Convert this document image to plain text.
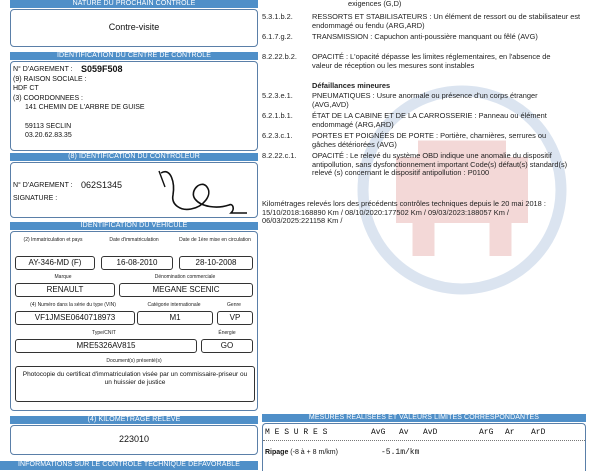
NATURE DU PROCHAIN CONTROLE
Contre-visite
IDENTIFICATION DU CENTRE DE CONTROLE
N° D'AGREMENT : S059F508
(9) RAISON SOCIALE :
HDF CT
(3) COORDONNEES :
141 CHEMIN DE L'ARBRE DE GUISE
59113 SECLIN
03.20.62.83.35
(8) IDENTIFICATION DU CONTROLEUR
N° D'AGREMENT : 062S1345
SIGNATURE :
IDENTIFICATION DU VÉHICULE
(2) Immatriculation et pays	Date d'immatriculation	Date de 1ère mise en circulation
AY-346-MD (F)	16-08-2010	28-10-2008
Marque	Dénomination commerciale
RENAULT	MEGANE SCENIC
(4) Numéro dans la série du type (VIN)	Catégorie internationale	Genre
VF1JMSE0640718973	M1	VP
Type/CNIT	Énergie
MRE5326AV815	GO
Document(s) présenté(s)
Photocopie du certificat d'immatriculation visée par un commissaire-priseur ou un huissier de justice
(4) KILOMÉTRAGE RELEVÉ
223010
INFORMATIONS SUR LE CONTRÔLE TECHNIQUE DÉFAVORABLE
exigences (G,D)
5.3.1.b.2.	RESSORTS ET STABILISATEURS : Un élément de ressort ou de stabilisateur est endommagé ou fendu (ARG,ARD)
6.1.7.g.2.	TRANSMISSION : Capuchon anti-poussière manquant ou fêlé (AVG)
8.2.22.b.2. OPACITÉ : L'opacité dépasse les limites réglementaires, en l'absence de valeur de réception ou les mesures sont instables
Défaillances mineures
5.2.3.e.1.	PNEUMATIQUES : Usure anormale ou présence d'un corps étranger (AVG,AVD)
6.2.1.b.1.	ÉTAT DE LA CABINE ET DE LA CARROSSERIE : Panneau ou élément endommagé (ARG,ARD)
6.2.3.c.1.	PORTES ET POIGNÉES DE PORTE : Portière, charnières, serrures ou gâches détériorées (AVG)
8.2.22.c.1. OPACITÉ : Le relevé du système OBD indique une anomalie du dispositif antipollution, sans dysfonctionnement important Code(s) défaut(s) standard(s) relevé (s) concernant le dispositif antipollution : P0100
Kilométrages relevés lors des précédents contrôles techniques depuis le 20 mai 2018 : 15/10/2018:168890 Km / 08/10/2020:177502 Km / 09/03/2023:188057 Km / 06/03/2025:221158 Km /
MESURES RÉALISÉES ET VALEURS LIMITES CORRESPONDANTES
M E S U R E S	AvG Av AvD	ArG Ar ArD
Ripage (-8 à + 8 m/km)	-5.1m/km
